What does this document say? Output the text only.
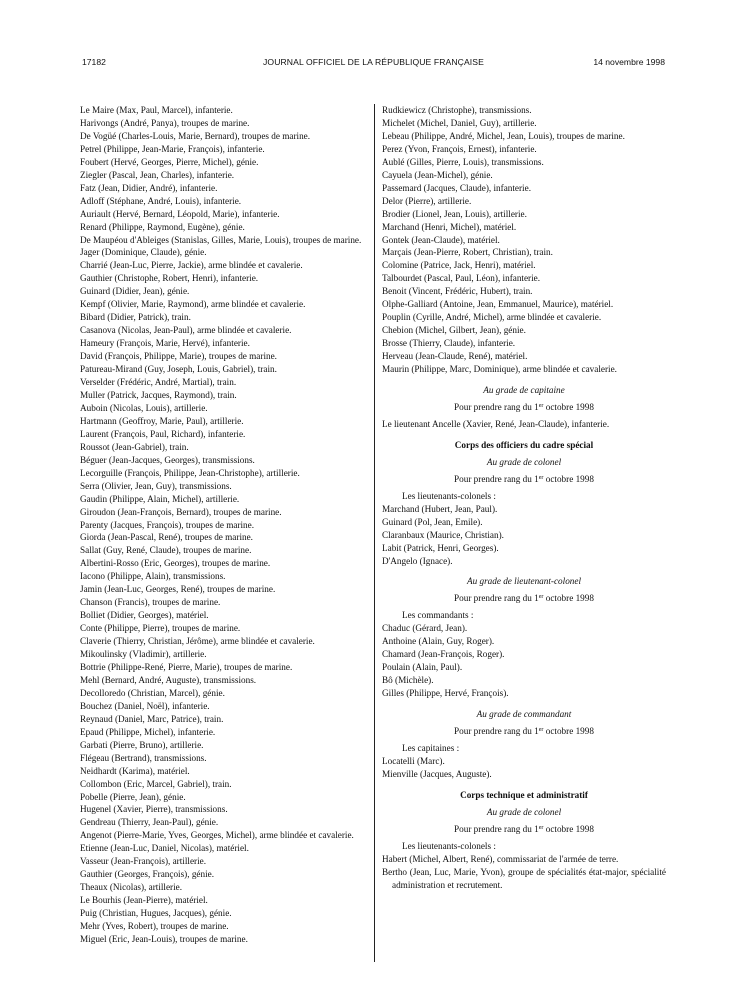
17182	JOURNAL OFFICIEL DE LA RÉPUBLIQUE FRANÇAISE	14 novembre 1998
Le Maire (Max, Paul, Marcel), infanterie.
Harivongs (André, Panya), troupes de marine.
De Vogüé (Charles-Louis, Marie, Bernard), troupes de marine.
Petrel (Philippe, Jean-Marie, François), infanterie.
Foubert (Hervé, Georges, Pierre, Michel), génie.
Ziegler (Pascal, Jean, Charles), infanterie.
Fatz (Jean, Didier, André), infanterie.
Adloff (Stéphane, André, Louis), infanterie.
Auriault (Hervé, Bernard, Léopold, Marie), infanterie.
Renard (Philippe, Raymond, Eugène), génie.
De Maupéou d'Ableiges (Stanislas, Gilles, Marie, Louis), troupes de marine.
Jager (Dominique, Claude), génie.
Charrié (Jean-Luc, Pierre, Jackie), arme blindée et cavalerie.
Gauthier (Christophe, Robert, Henri), infanterie.
Guinard (Didier, Jean), génie.
Kempf (Olivier, Marie, Raymond), arme blindée et cavalerie.
Bibard (Didier, Patrick), train.
Casanova (Nicolas, Jean-Paul), arme blindée et cavalerie.
Hameury (François, Marie, Hervé), infanterie.
David (François, Philippe, Marie), troupes de marine.
Patureau-Mirand (Guy, Joseph, Louis, Gabriel), train.
Verselder (Frédéric, André, Martial), train.
Muller (Patrick, Jacques, Raymond), train.
Auboin (Nicolas, Louis), artillerie.
Hartmann (Geoffroy, Marie, Paul), artillerie.
Laurent (François, Paul, Richard), infanterie.
Roussot (Jean-Gabriel), train.
Béguer (Jean-Jacques, Georges), transmissions.
Lecorguille (François, Philippe, Jean-Christophe), artillerie.
Serra (Olivier, Jean, Guy), transmissions.
Gaudin (Philippe, Alain, Michel), artillerie.
Giroudon (Jean-François, Bernard), troupes de marine.
Parenty (Jacques, François), troupes de marine.
Giorda (Jean-Pascal, René), troupes de marine.
Sallat (Guy, René, Claude), troupes de marine.
Albertini-Rosso (Eric, Georges), troupes de marine.
Iacono (Philippe, Alain), transmissions.
Jamin (Jean-Luc, Georges, René), troupes de marine.
Chanson (Francis), troupes de marine.
Bolliet (Didier, Georges), matériel.
Conte (Philippe, Pierre), troupes de marine.
Claverie (Thierry, Christian, Jérôme), arme blindée et cavalerie.
Mikoulinsky (Vladimir), artillerie.
Bottrie (Philippe-René, Pierre, Marie), troupes de marine.
Mehl (Bernard, André, Auguste), transmissions.
Decolloredo (Christian, Marcel), génie.
Bouchez (Daniel, Noël), infanterie.
Reynaud (Daniel, Marc, Patrice), train.
Epaud (Philippe, Michel), infanterie.
Garbati (Pierre, Bruno), artillerie.
Flégeau (Bertrand), transmissions.
Neidhardt (Karima), matériel.
Collombon (Eric, Marcel, Gabriel), train.
Pobelle (Pierre, Jean), génie.
Hugenel (Xavier, Pierre), transmissions.
Gendreau (Thierry, Jean-Paul), génie.
Angenot (Pierre-Marie, Yves, Georges, Michel), arme blindée et cavalerie.
Etienne (Jean-Luc, Daniel, Nicolas), matériel.
Vasseur (Jean-François), artillerie.
Gauthier (Georges, François), génie.
Theaux (Nicolas), artillerie.
Le Bourhis (Jean-Pierre), matériel.
Puig (Christian, Hugues, Jacques), génie.
Mehr (Yves, Robert), troupes de marine.
Miguel (Eric, Jean-Louis), troupes de marine.
Rudkiewicz (Christophe), transmissions.
Michelet (Michel, Daniel, Guy), artillerie.
Lebeau (Philippe, André, Michel, Jean, Louis), troupes de marine.
Perez (Yvon, François, Ernest), infanterie.
Aublé (Gilles, Pierre, Louis), transmissions.
Cayuela (Jean-Michel), génie.
Passemard (Jacques, Claude), infanterie.
Delor (Pierre), artillerie.
Brodier (Lionel, Jean, Louis), artillerie.
Marchand (Henri, Michel), matériel.
Gontek (Jean-Claude), matériel.
Marçais (Jean-Pierre, Robert, Christian), train.
Colomine (Patrice, Jack, Henri), matériel.
Talbourdet (Pascal, Paul, Léon), infanterie.
Benoit (Vincent, Frédéric, Hubert), train.
Olphe-Galliard (Antoine, Jean, Emmanuel, Maurice), matériel.
Pouplin (Cyrille, André, Michel), arme blindée et cavalerie.
Chebion (Michel, Gilbert, Jean), génie.
Brosse (Thierry, Claude), infanterie.
Herveau (Jean-Claude, René), matériel.
Maurin (Philippe, Marc, Dominique), arme blindée et cavalerie.
Au grade de capitaine
Pour prendre rang du 1er octobre 1998
Le lieutenant Ancelle (Xavier, René, Jean-Claude), infanterie.
Corps des officiers du cadre spécial
Au grade de colonel
Pour prendre rang du 1er octobre 1998
Les lieutenants-colonels :
Marchand (Hubert, Jean, Paul).
Guinard (Pol, Jean, Emile).
Claranbaux (Maurice, Christian).
Labit (Patrick, Henri, Georges).
D'Angelo (Ignace).
Au grade de lieutenant-colonel
Pour prendre rang du 1er octobre 1998
Les commandants :
Chaduc (Gérard, Jean).
Anthoine (Alain, Guy, Roger).
Chamard (Jean-François, Roger).
Poulain (Alain, Paul).
Bô (Michèle).
Gilles (Philippe, Hervé, François).
Au grade de commandant
Pour prendre rang du 1er octobre 1998
Les capitaines :
Locatelli (Marc).
Mienville (Jacques, Auguste).
Corps technique et administratif
Au grade de colonel
Pour prendre rang du 1er octobre 1998
Les lieutenants-colonels :
Habert (Michel, Albert, René), commissariat de l'armée de terre.
Bertho (Jean, Luc, Marie, Yvon), groupe de spécialités état-major, spécialité administration et recrutement.
